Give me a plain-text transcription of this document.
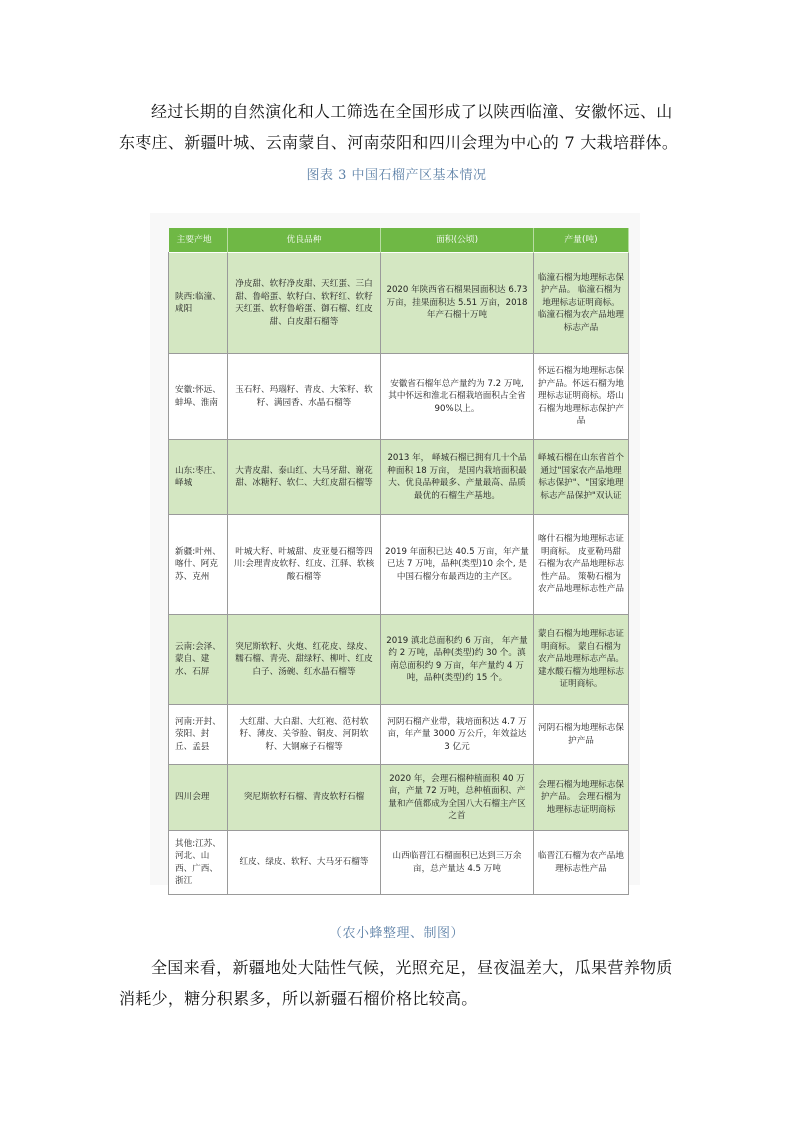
经过长期的自然演化和人工筛选在全国形成了以陕西临潼、安徽怀远、山东枣庄、新疆叶城、云南蒙自、河南荥阳和四川会理为中心的 7 大栽培群体。

图表 3 中国石榴产区基本情况
主要产地	优良品种	面积(公顷)	产量(吨)
陕西:临潼、咸阳	净皮甜、软籽净皮甜、天红蛋、三白甜、鲁峪蛋、软籽白、软籽红、软籽天红蛋、软籽鲁峪蛋、御石榴、红皮甜、白皮甜石榴等	2020 年陕西省石榴果园面积达 6.73 万亩，挂果面积达 5.51 万亩，2018 年产石榴十万吨	临潼石榴为地理标志保护产品。 临潼石榴为地理标志证明商标。 临潼石榴为农产品地理标志产品
安徽:怀远、蚌埠、淮南	玉石籽、玛瑙籽、青皮、大笨籽、软籽、满园香、水晶石榴等	安徽省石榴年总产量约为 7.2 万吨, 其中怀远和淮北石榴栽培面积占全省 90%以上。	怀远石榴为地理标志保护产品。怀远石榴为地理标志证明商标。塔山石榴为地理标志保护产品
山东:枣庄、峄城	大青皮甜、泰山红、大马牙甜、谢花甜、冰糖籽、软仁、大红皮甜石榴等	2013 年， 峄城石榴已拥有几十个品种面积 18 万亩， 是国内栽培面积最大、优良品种最多、产量最高、品质最优的石榴生产基地。	峄城石榴在山东省首个通过"国家农产品地理标志保护"、"国家地理标志产品保护"双认证
新疆:叶州、喀什、阿克苏、克州	叶城大籽、叶城甜、皮亚曼石榴等四川:会理青皮软籽、红皮、江驿、软核酸石榴等	2019 年面积已达 40.5 万亩，年产量已达 7 万吨，品种(类型)10 余个, 是中国石榴分布最西边的主产区。	喀什石榴为地理标志证明商标。 皮亚勒玛甜石榴为农产品地理标志性产品。 策勒石榴为农产品地理标志性产品
云南:会泽、蒙自、建水、石屏	突尼斯软籽、火炮、红花皮、绿皮、糯石榴、青壳、甜绿籽、柳叶、红皮白子、汤碗、红水晶石榴等	2019 滇北总面积约 6 万亩， 年产量约 2 万吨，品种(类型)约 30 个。滇南总面积约 9 万亩，年产量约 4 万吨，品种(类型)约 15 个。	蒙自石榴为地理标志证明商标。 蒙自石榴为农产品地理标志产品。建水酸石榴为地理标志证明商标。
河南:开封、荥阳、封丘、孟县	大红甜、大白甜、大红袍、范村软籽、薄皮、关爷脸、铜皮、河阴软籽、大钢麻子石榴等	河阴石榴产业带，栽培面积达 4.7 万亩，年产量 3000 万公斤，年效益达 3 亿元	河阴石榴为地理标志保护产品
四川会理	突尼斯软籽石榴、青皮软籽石榴	2020 年，会理石榴种植面积 40 万亩，产量 72 万吨，总种植面积、产量和产值都成为全国八大石榴主产区之首	会理石榴为地理标志保护产品。 会理石榴为地理标志证明商标
其他:江苏、河北、山西、广西、浙江	红皮、绿皮、软籽、大马牙石榴等	山西临晋江石榴面积已达到三万余亩，总产量达 4.5 万吨	临晋江石榴为农产品地理标志性产品
（农小蜂整理、制图）

全国来看，新疆地处大陆性气候，光照充足，昼夜温差大，瓜果营养物质消耗少，糖分积累多，所以新疆石榴价格比较高。
